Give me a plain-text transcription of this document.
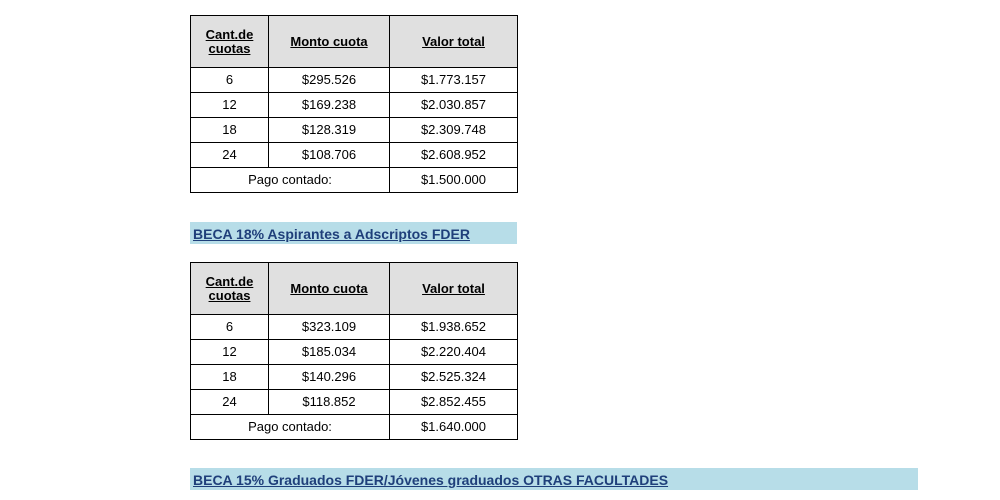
Cant.de cuotas	Monto cuota	Valor total
6	$295.526	$1.773.157
12	$169.238	$2.030.857
18	$128.319	$2.309.748
24	$108.706	$2.608.952
Pago contado:		$1.500.000
BECA 18% Aspirantes a Adscriptos FDER
Cant.de cuotas	Monto cuota	Valor total
6	$323.109	$1.938.652
12	$185.034	$2.220.404
18	$140.296	$2.525.324
24	$118.852	$2.852.455
Pago contado:		$1.640.000
BECA 15% Graduados FDER/Jóvenes graduados OTRAS FACULTADES
